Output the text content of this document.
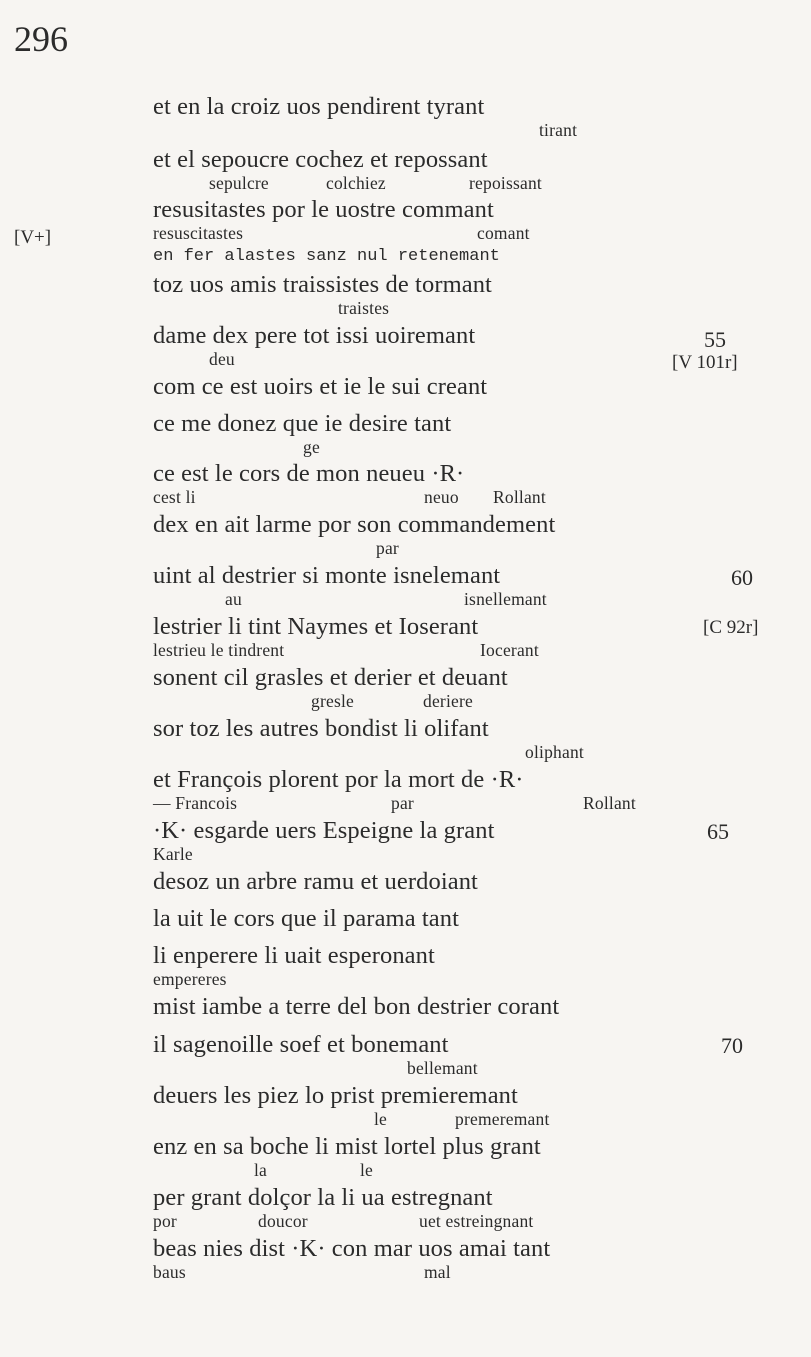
296
[V+]
et en la croiz uos pendirent tyrant
tirant
et el sepoucre cochez et repossant
sepulcre	colchiez	repoissant
resusitastes por le uostre commant
resuscitastes	comant
en fer alastes sanz nul retenemant
toz uos amis traissistes de tormant
traistes
dame dex pere tot issi uoiremant	55
deu	[V 101r]
com ce est uoirs et ie le sui creant
ce me donez que ie desire tant
ge
ce est le cors de mon neueu ·R·
cest li	neuo Rollant
dex en ait larme por son commandement
par
uint al destrier si monte isnelemant	60
au	isnellemant
lestrier li tint Naymes et Ioserant	[C 92r]
lestrieu le tindrent	Iocerant
sonent cil grasles et derier et deuant
gresle	deriere
sor toz les autres bondist li olifant
oliphant
et François plorent por la mort de ·R·
— Francois	par	Rollant
·K· esgarde uers Espeigne la grant	65
Karle
desoz un arbre ramu et uerdoiant
la uit le cors que il parama tant
li enperere li uait esperonant
empereres
mist iambe a terre del bon destrier corant
il sagenoille soef et bonemant	70
bellemant
deuers les piez lo prist premieremant
le	premeremant
enz en sa boche li mist lortel plus grant
la	le
per grant dolçor la li ua estregnant
por	doucor	uet estreingnant
beas nies dist ·K· con mar uos amai tant
baus	mal
